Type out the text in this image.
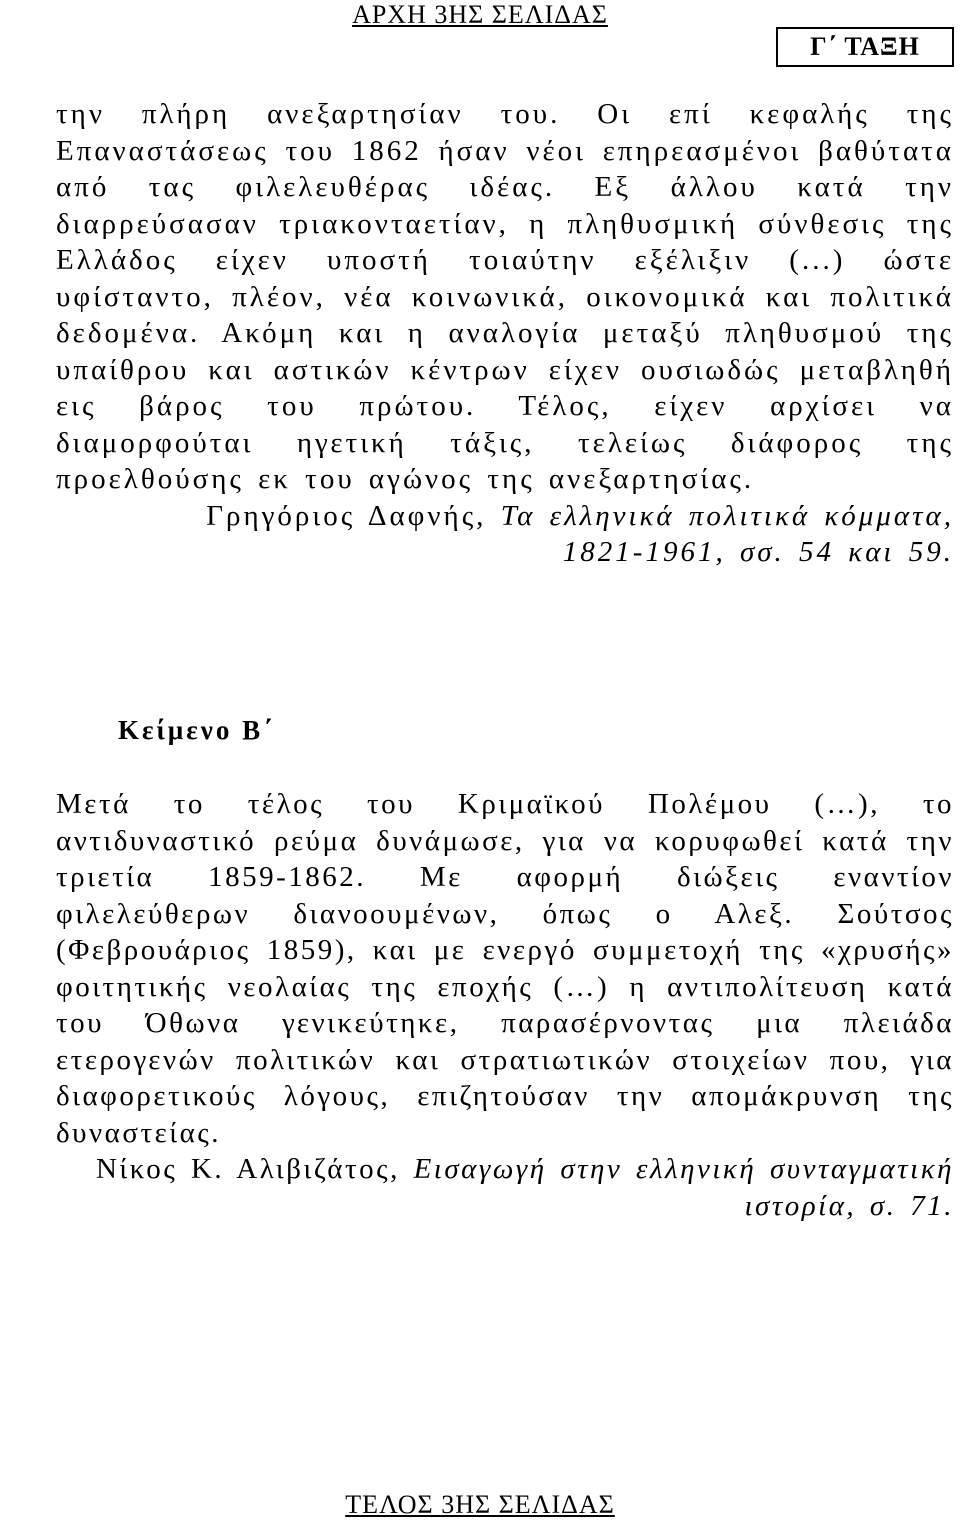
ΑΡΧΗ 3ΗΣ ΣΕΛΙΔΑΣ
Γ΄ ΤΑΞΗ
την πλήρη ανεξαρτησίαν του. Οι επί κεφαλής της Επαναστάσεως του 1862 ήσαν νέοι επηρεασμένοι βαθύτατα από τας φιλελευθέρας ιδέας. Εξ άλλου κατά την διαρρεύσασαν τριακονταετίαν, η πληθυσμική σύνθεσις της Ελλάδος είχεν υποστή τοιαύτην εξέλιξιν (...) ώστε υφίσταντο, πλέον, νέα κοινωνικά, οικονομικά και πολιτικά δεδομένα. Ακόμη και η αναλογία μεταξύ πληθυσμού της υπαίθρου και αστικών κέντρων είχεν ουσιωδώς μεταβληθή εις βάρος του πρώτου. Τέλος, είχεν αρχίσει να διαμορφούται ηγετική τάξις, τελείως διάφορος της προελθούσης εκ του αγώνος της ανεξαρτησίας.
Γρηγόριος Δαφνής, Τα ελληνικά πολιτικά κόμματα,
1821-1961, σσ. 54 και 59.
Κείμενο Β΄
Μετά το τέλος του Κριμαϊκού Πολέμου (…), το αντιδυναστικό ρεύμα δυνάμωσε, για να κορυφωθεί κατά την τριετία 1859-1862. Με αφορμή διώξεις εναντίον φιλελεύθερων διανοουμένων, όπως ο Αλεξ. Σούτσος (Φεβρουάριος 1859), και με ενεργό συμμετοχή της «χρυσής» φοιτητικής νεολαίας της εποχής (…) η αντιπολίτευση κατά του Όθωνα γενικεύτηκε, παρασέρνοντας μια πλειάδα ετερογενών πολιτικών και στρατιωτικών στοιχείων που, για διαφορετικούς λόγους, επιζητούσαν την απομάκρυνση της δυναστείας.
Νίκος Κ. Αλιβιζάτος, Εισαγωγή στην ελληνική συνταγματική
ιστορία, σ. 71.
ΤΕΛΟΣ 3ΗΣ ΣΕΛΙΔΑΣ
